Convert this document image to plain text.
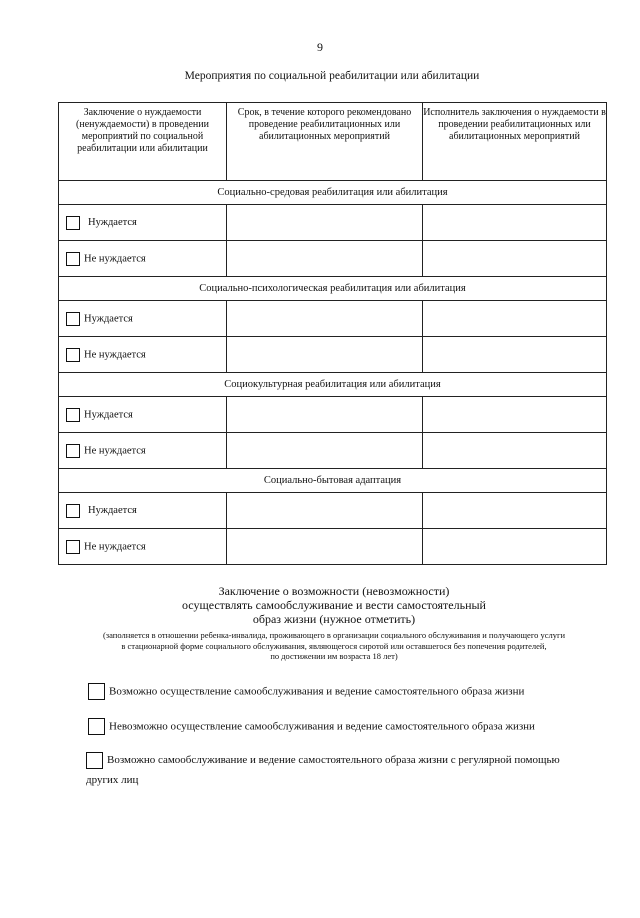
9
Мероприятия по социальной реабилитации или абилитации
Заключение о нуждаемости (ненуждаемости) в проведении мероприятий по социальной реабилитации или абилитации	Срок, в течение которого рекомендовано проведение реабилитационных или абилитационных мероприятий	Исполнитель заключения о нуждаемости в проведении реабилитационных или абилитационных мероприятий
Социально-средовая реабилитация или абилитация		
Нуждается		
Не нуждается		
Социально-психологическая реабилитация или абилитация		
Нуждается		
Не нуждается		
Социокультурная реабилитация или абилитация		
Нуждается		
Не нуждается		
Социально-бытовая адаптация		
Нуждается		
Не нуждается		
Заключение о возможности (невозможности)
осуществлять самообслуживание и вести самостоятельный
образ жизни (нужное отметить)
(заполняется в отношении ребенка-инвалида, проживающего в организации социального обслуживания и получающего услуги
в стационарной форме социального обслуживания, являющегося сиротой или оставшегося без попечения родителей,
по достижении им возраста 18 лет)
Возможно осуществление самообслуживания и ведение самостоятельного образа жизни
Невозможно осуществление самообслуживания и ведение самостоятельного образа жизни
Возможно самообслуживание и ведение самостоятельного образа жизни с регулярной помощью
других лиц
